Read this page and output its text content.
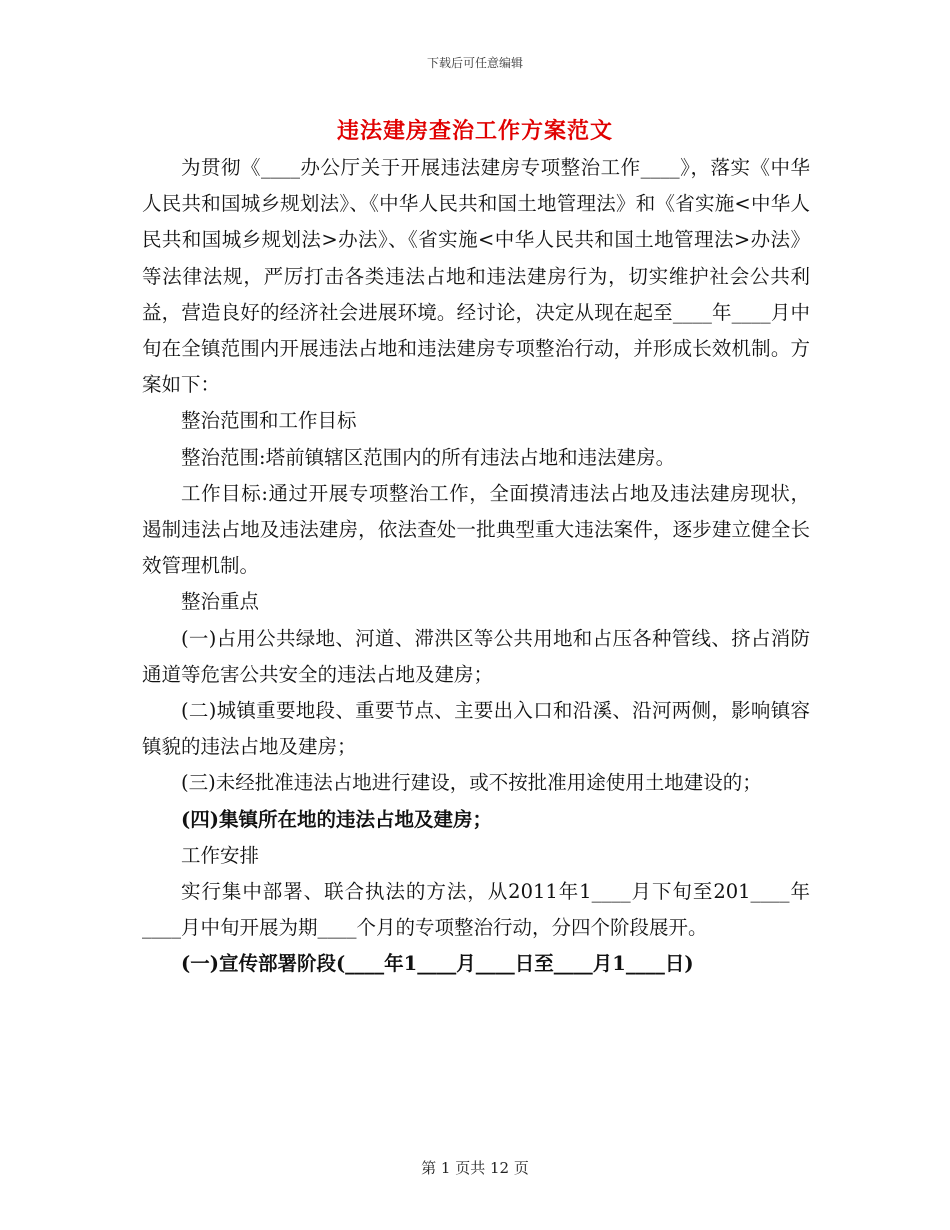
下载后可任意编辑
违法建房查治工作方案范文

为贯彻《____办公厅关于开展违法建房专项整治工作____》，落实《中华人民共和国城乡规划法》、《中华人民共和国土地管理法》和《省实施<中华人民共和国城乡规划法>办法》、《省实施<中华人民共和国土地管理法>办法》等法律法规，严厉打击各类违法占地和违法建房行为，切实维护社会公共利益，营造良好的经济社会进展环境。经讨论，决定从现在起至____年____月中旬在全镇范围内开展违法占地和违法建房专项整治行动，并形成长效机制。方案如下：

整治范围和工作目标

整治范围:塔前镇辖区范围内的所有违法占地和违法建房。

工作目标:通过开展专项整治工作，全面摸清违法占地及违法建房现状，遏制违法占地及违法建房，依法查处一批典型重大违法案件，逐步建立健全长效管理机制。

整治重点

(一)占用公共绿地、河道、滞洪区等公共用地和占压各种管线、挤占消防通道等危害公共安全的违法占地及建房；

(二)城镇重要地段、重要节点、主要出入口和沿溪、沿河两侧，影响镇容镇貌的违法占地及建房；

(三)未经批准违法占地进行建设，或不按批准用途使用土地建设的；

(四)集镇所在地的违法占地及建房；

工作安排

实行集中部署、联合执法的方法，从2011年1____月下旬至201____年____月中旬开展为期____个月的专项整治行动，分四个阶段展开。

(一)宣传部署阶段(____年1____月____日至____月1____日)

第 1 页共 12 页
